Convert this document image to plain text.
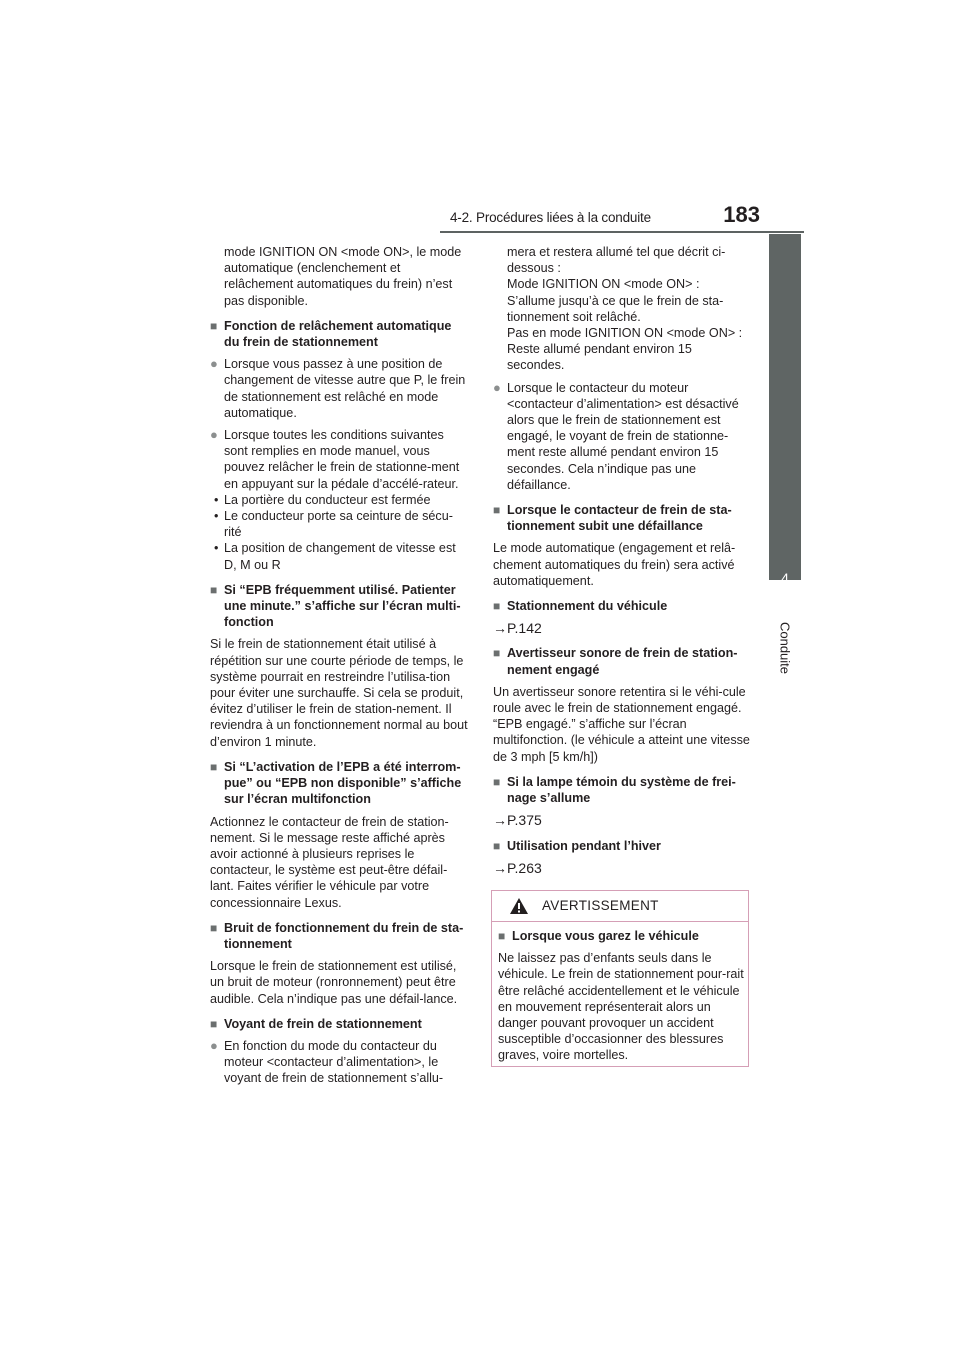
4-2. Procédures liées à la conduite	183
4
Conduite

mode IGNITION ON <mode ON>, le mode automatique (enclenchement et relâchement automatiques du frein) n’est pas disponible.

■ Fonction de relâchement automatique du frein de stationnement
● Lorsque vous passez à une position de changement de vitesse autre que P, le frein de stationnement est relâché en mode automatique.
● Lorsque toutes les conditions suivantes sont remplies en mode manuel, vous pouvez relâcher le frein de stationne-ment en appuyant sur la pédale d’accélé-rateur.
• La portière du conducteur est fermée
• Le conducteur porte sa ceinture de sécu-rité
• La position de changement de vitesse est D, M ou R
■ Si “EPB fréquemment utilisé. Patienter une minute.” s’affiche sur l’écran multi-fonction

Si le frein de stationnement était utilisé à répétition sur une courte période de temps, le système pourrait en restreindre l’utilisa-tion pour éviter une surchauffe. Si cela se produit, évitez d’utiliser le frein de station-nement. Il reviendra à un fonctionnement normal au bout d’environ 1 minute.

■ Si “L’activation de l’EPB a été interrom-pue” ou “EPB non disponible” s’affiche sur l’écran multifonction

Actionnez le contacteur de frein de station-nement. Si le message reste affiché après avoir actionné à plusieurs reprises le contacteur, le système est peut-être défail-lant. Faites vérifier le véhicule par votre concessionnaire Lexus.

■ Bruit de fonctionnement du frein de sta-tionnement

Lorsque le frein de stationnement est utilisé, un bruit de moteur (ronronnement) peut être audible. Cela n’indique pas une défail-lance.

■ Voyant de frein de stationnement
● En fonction du mode du contacteur du moteur <contacteur d’alimentation>, le voyant de frein de stationnement s’allu-

mera et restera allumé tel que décrit ci-dessous :

Mode IGNITION ON <mode ON> : S’allume jusqu’à ce que le frein de sta-tionnement soit relâché.

Pas en mode IGNITION ON <mode ON> : Reste allumé pendant environ 15 secondes.

● Lorsque le contacteur du moteur <contacteur d’alimentation> est désactivé alors que le frein de stationnement est engagé, le voyant de frein de stationne-ment reste allumé pendant environ 15 secondes. Cela n’indique pas une défaillance.
■ Lorsque le contacteur de frein de sta-tionnement subit une défaillance

Le mode automatique (engagement et relâ-chement automatiques du frein) sera activé automatiquement.

■ Stationnement du véhicule
→P.142
■ Avertisseur sonore de frein de station-nement engagé

Un avertisseur sonore retentira si le véhi-cule roule avec le frein de stationnement engagé. “EPB engagé.” s’affiche sur l’écran multifonction. (le véhicule a atteint une vitesse de 3 mph [5 km/h])

■ Si la lampe témoin du système de frei-nage s’allume
→P.375
■ Utilisation pendant l’hiver
→P.263
AVERTISSEMENT
■ Lorsque vous garez le véhicule

Ne laissez pas d’enfants seuls dans le véhicule. Le frein de stationnement pour-rait être relâché accidentellement et le véhicule en mouvement représenterait alors un danger pouvant provoquer un accident susceptible d’occasionner des blessures graves, voire mortelles.
